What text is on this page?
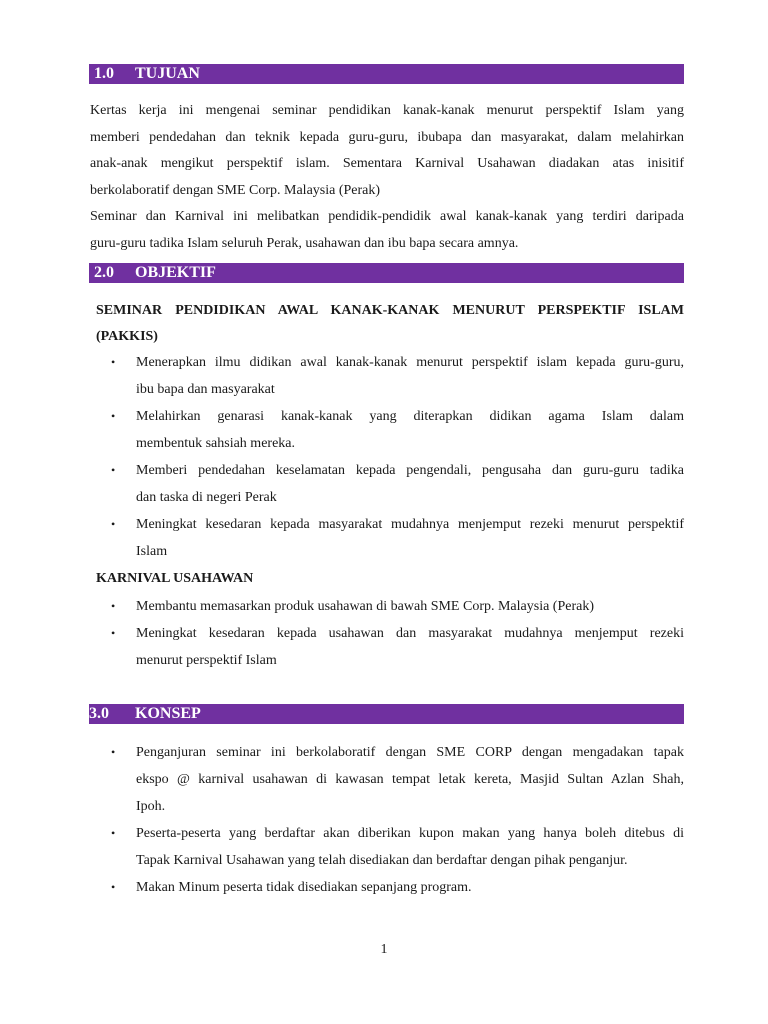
1.0 TUJUAN
Kertas kerja ini mengenai seminar pendidikan kanak-kanak menurut perspektif Islam yang
memberi pendedahan dan teknik kepada guru-guru, ibubapa dan masyarakat, dalam melahirkan
anak-anak mengikut perspektif islam. Sementara Karnival Usahawan diadakan atas inisitif
berkolaboratif dengan SME Corp. Malaysia (Perak)
Seminar dan Karnival ini melibatkan pendidik-pendidik awal kanak-kanak yang terdiri daripada
guru-guru tadika Islam seluruh Perak, usahawan dan ibu bapa secara amnya.
2.0 OBJEKTIF
SEMINAR PENDIDIKAN AWAL KANAK-KANAK MENURUT PERSPEKTIF ISLAM
(PAKKIS)
• Menerapkan ilmu didikan awal kanak-kanak menurut perspektif islam kepada guru-guru,
ibu bapa dan masyarakat
• Melahirkan genarasi kanak-kanak yang diterapkan didikan agama Islam dalam
membentuk sahsiah mereka.
• Memberi pendedahan keselamatan kepada pengendali, pengusaha dan guru-guru tadika
dan taska di negeri Perak
• Meningkat kesedaran kepada masyarakat mudahnya menjemput rezeki menurut perspektif
Islam
KARNIVAL USAHAWAN
• Membantu memasarkan produk usahawan di bawah SME Corp. Malaysia (Perak)
• Meningkat kesedaran kepada usahawan dan masyarakat mudahnya menjemput rezeki
menurut perspektif Islam
3.0 KONSEP
• Penganjuran seminar ini berkolaboratif dengan SME CORP dengan mengadakan tapak
ekspo @ karnival usahawan di kawasan tempat letak kereta, Masjid Sultan Azlan Shah,
Ipoh.
• Peserta-peserta yang berdaftar akan diberikan kupon makan yang hanya boleh ditebus di
Tapak Karnival Usahawan yang telah disediakan dan berdaftar dengan pihak penganjur.
• Makan Minum peserta tidak disediakan sepanjang program.
1
